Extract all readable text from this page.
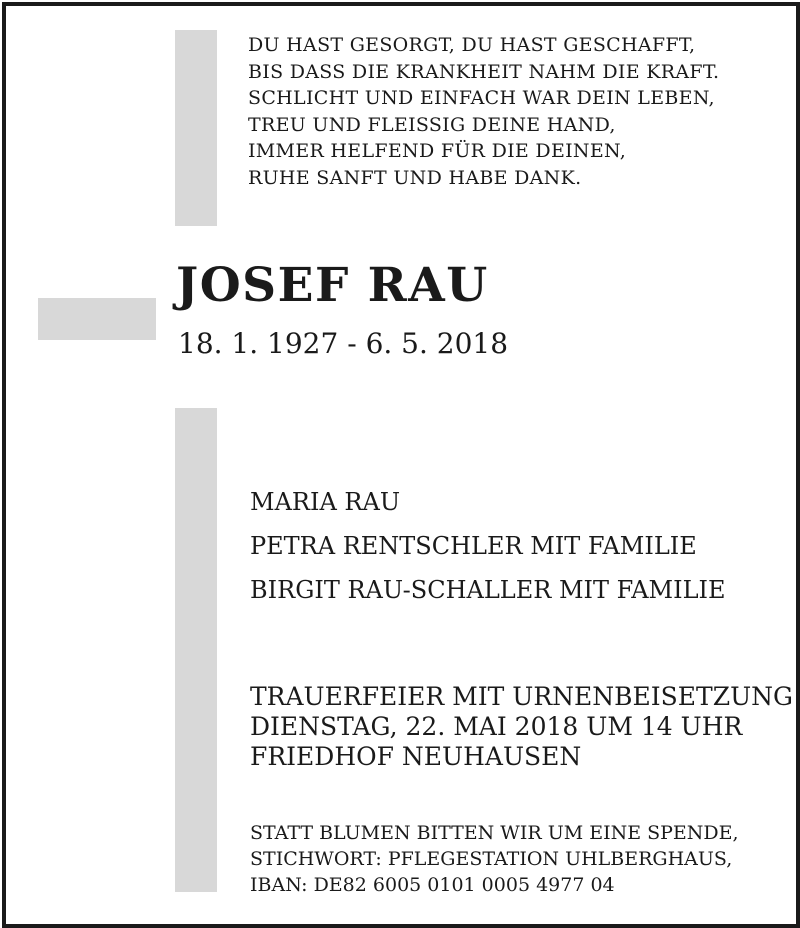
DU HAST GESORGT, DU HAST GESCHAFFT,
BIS DASS DIE KRANKHEIT NAHM DIE KRAFT.
SCHLICHT UND EINFACH WAR DEIN LEBEN,
TREU UND FLEISSIG DEINE HAND,
IMMER HELFEND FÜR DIE DEINEN,
RUHE SANFT UND HABE DANK.
JOSEF RAU
18. 1. 1927 - 6. 5. 2018
MARIA RAU
PETRA RENTSCHLER MIT FAMILIE
BIRGIT RAU-SCHALLER MIT FAMILIE
TRAUERFEIER MIT URNENBEISETZUNG
DIENSTAG, 22. MAI 2018 UM 14 UHR
FRIEDHOF NEUHAUSEN
STATT BLUMEN BITTEN WIR UM EINE SPENDE,
STICHWORT: PFLEGESTATION UHLBERGHAUS,
IBAN: DE82 6005 0101 0005 4977 04
